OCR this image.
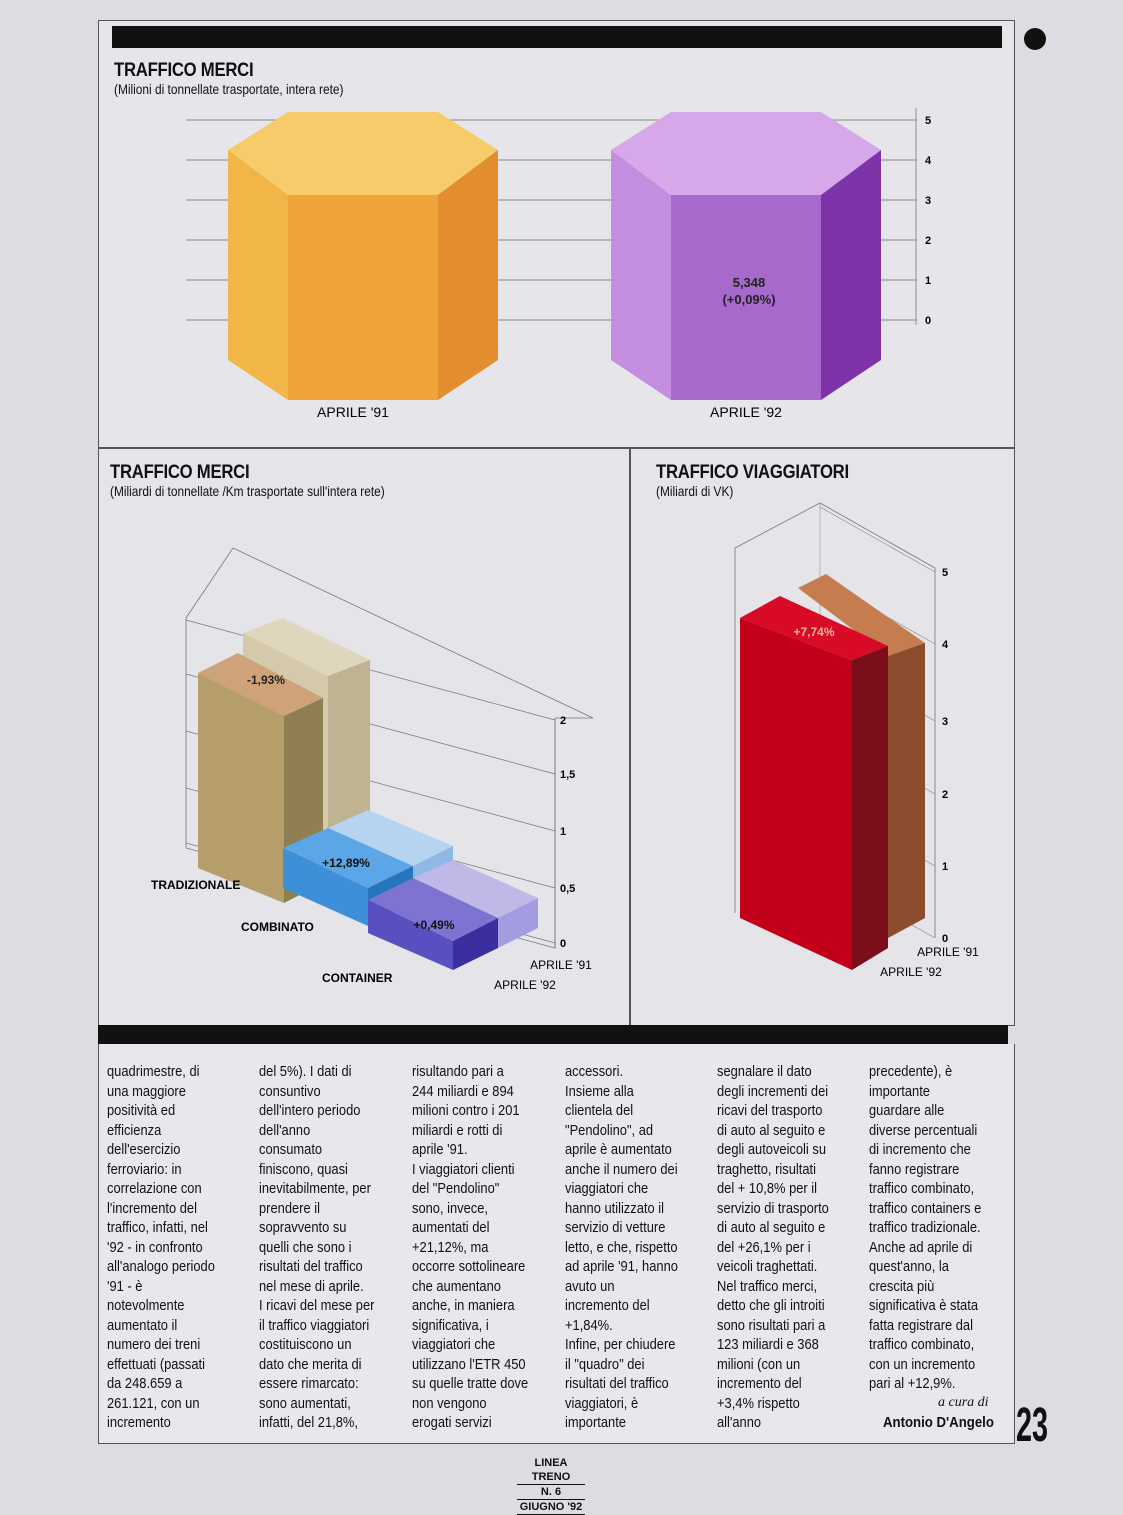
TRAFFICO MERCI
(Milioni di tonnellate trasportate, intera rete)
5,348
(+0,09%)
APRILE '91	APRILE '92
0
1
2
3
4
5
TRAFFICO MERCI
(Miliardi di tonnellate /Km trasportate sull'intera rete)
-1,93%
+12,89%
+0,49%
TRADIZIONALE
COMBINATO
CONTAINER
APRILE '91
APRILE '92
0
0,5
1
1,5
2
TRAFFICO VIAGGIATORI
(Miliardi di VK)
+7,74%
APRILE '91
APRILE '92
0
1
2
3
4
5
quadrimestre, di
una maggiore
positività ed
efficienza
dell'esercizio
ferroviario: in
correlazione con
l'incremento del
traffico, infatti, nel
'92 - in confronto
all'analogo periodo
'91 - è
notevolmente
aumentato il
numero dei treni
effettuati (passati
da 248.659 a
261.121, con un
incremento
del 5%). I dati di
consuntivo
dell'intero periodo
dell'anno
consumato
finiscono, quasi
inevitabilmente, per
prendere il
sopravvento su
quelli che sono i
risultati del traffico
nel mese di aprile.
I ricavi del mese per
il traffico viaggiatori
costituiscono un
dato che merita di
essere rimarcato:
sono aumentati,
infatti, del 21,8%,
risultando pari a
244 miliardi e 894
milioni contro i 201
miliardi e rotti di
aprile '91.
I viaggiatori clienti
del "Pendolino"
sono, invece,
aumentati del
+21,12%, ma
occorre sottolineare
che aumentano
anche, in maniera
significativa, i
viaggiatori che
utilizzano l'ETR 450
su quelle tratte dove
non vengono
erogati servizi
accessori.
Insieme alla
clientela del
"Pendolino", ad
aprile è aumentato
anche il numero dei
viaggiatori che
hanno utilizzato il
servizio di vetture
letto, e che, rispetto
ad aprile '91, hanno
avuto un
incremento del
+1,84%.
Infine, per chiudere
il "quadro" dei
risultati del traffico
viaggiatori, è
importante
segnalare il dato
degli incrementi dei
ricavi del trasporto
di auto al seguito e
degli autoveicoli su
traghetto, risultati
del + 10,8% per il
servizio di trasporto
di auto al seguito e
del +26,1% per i
veicoli traghettati.
Nel traffico merci,
detto che gli introiti
sono risultati pari a
123 miliardi e 368
milioni (con un
incremento del
+3,4% rispetto
all'anno
precedente), è
importante
guardare alle
diverse percentuali
di incremento che
fanno registrare
traffico combinato,
traffico containers e
traffico tradizionale.
Anche ad aprile di
quest'anno, la
crescita più
significativa è stata
fatta registrare dal
traffico combinato,
con un incremento
pari al +12,9%.
a cura di
Antonio D'Angelo 23
LINEA TRENO
N. 6
GIUGNO '92
